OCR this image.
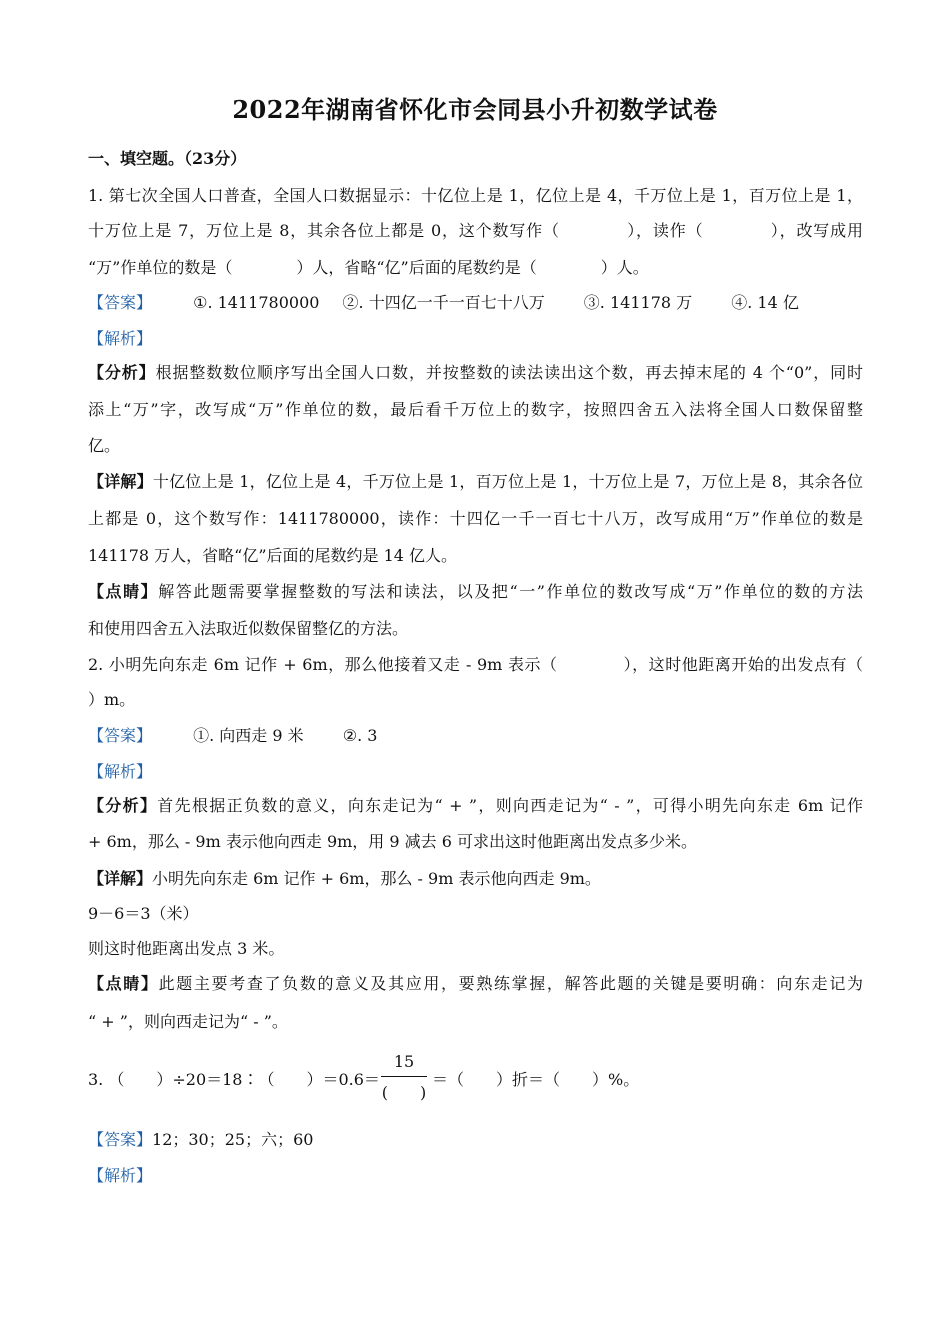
2022年湖南省怀化市会同县小升初数学试卷
一、填空题。（23分）
1. 第七次全国人口普查，全国人口数据显示：十亿位上是 1，亿位上是 4，千万位上是 1，百万位上是 1，
十万位上是 7，万位上是 8，其余各位上都是 0，这个数写作（　　　　），读作（　　　　），改写成用
“万”作单位的数是（　　　　）人，省略“亿”后面的尾数约是（　　　　）人。
【答案】	①. 1411780000 ②. 十四亿一千一百七十八万 ③. 141178 万 ④. 14 亿
【解析】
【分析】根据整数数位顺序写出全国人口数，并按整数的读法读出这个数，再去掉末尾的 4 个“0”，同时
添上“万”字，改写成“万”作单位的数，最后看千万位上的数字，按照四舍五入法将全国人口数保留整
亿。
【详解】十亿位上是 1，亿位上是 4，千万位上是 1，百万位上是 1，十万位上是 7，万位上是 8，其余各位
上都是 0，这个数写作：1411780000，读作：十四亿一千一百七十八万，改写成用“万”作单位的数是
141178 万人，省略“亿”后面的尾数约是 14 亿人。
【点睛】解答此题需要掌握整数的写法和读法，以及把“一”作单位的数改写成“万”作单位的数的方法
和使用四舍五入法取近似数保留整亿的方法。
2. 小明先向东走 6m 记作 + 6m，那么他接着又走 - 9m 表示（　　　　），这时他距离开始的出发点有（
）m。
【答案】	①. 向西走 9 米 ②. 3
【解析】
【分析】首先根据正负数的意义，向东走记为“ + ”，则向西走记为“ - ”，可得小明先向东走 6m 记作
+ 6m，那么 - 9m 表示他向西走 9m，用 9 减去 6 可求出这时他距离出发点多少米。
【详解】小明先向东走 6m 记作 + 6m，那么 - 9m 表示他向西走 9m。
9－6＝3（米）
则这时他距离出发点 3 米。
【点睛】此题主要考查了负数的意义及其应用，要熟练掌握，解答此题的关键是要明确：向东走记为
“ + ”，则向西走记为“ - ”。
3. （　　）÷20＝18∶（　　）＝0.6＝
15
(　　)
＝（　　）折＝（　　）%。
【答案】12；30；25；六；60
【解析】
